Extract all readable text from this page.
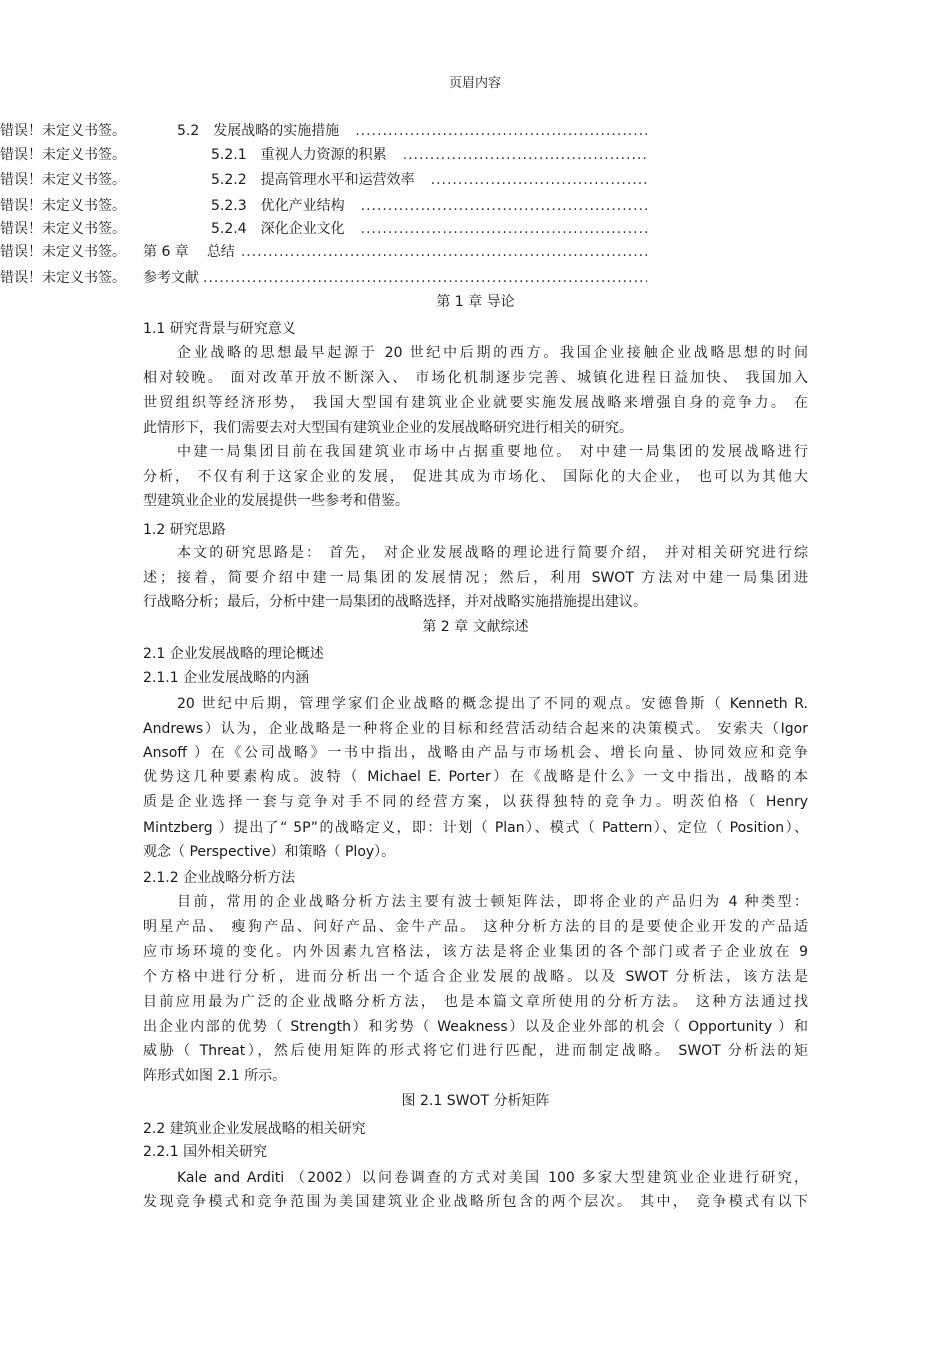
页眉内容
5.2 发展战略的实施措施
.....
5.2.1 重视人力资源的积累
.....
5.2.2 提高管理水平和运营效率
.....
5.2.3 优化产业结构
.....
5.2.4 深化企业文化
.....
第 6 章 总结
.....
参考文献
.....
错误！未定义书签。
错误！未定义书签。
错误！未定义书签。
错误！未定义书签。
错误！未定义书签。
错误！未定义书签。
错误！未定义书签。
第 1 章 导论
1.1 研究背景与研究意义
企业战略的思想最早起源于 20 世纪中后期的西方。我国企业接触企业战略思想的时间
相对较晚。 面对改革开放不断深入、 市场化机制逐步完善、城镇化进程日益加快、 我国加入
世贸组织等经济形势， 我国大型国有建筑业企业就要实施发展战略来增强自身的竞争力。 在
此情形下，我们需要去对大型国有建筑业企业的发展战略研究进行相关的研究。
中建一局集团目前在我国建筑业市场中占据重要地位。 对中建一局集团的发展战略进行
分析， 不仅有利于这家企业的发展， 促进其成为市场化、 国际化的大企业， 也可以为其他大
型建筑业企业的发展提供一些参考和借鉴。
1.2 研究思路
本文的研究思路是： 首先， 对企业发展战略的理论进行简要介绍， 并对相关研究进行综
述；接着，简要介绍中建一局集团的发展情况；然后，利用 SWOT 方法对中建一局集团进
行战略分析；最后，分析中建一局集团的战略选择，并对战略实施措施提出建议。
第 2 章 文献综述
2.1 企业发展战略的理论概述
2.1.1 企业发展战略的内涵
20 世纪中后期，管理学家们企业战略的概念提出了不同的观点。安德鲁斯（ Kenneth R.
Andrews）认为，企业战略是一种将企业的目标和经营活动结合起来的决策模式。 安索夫（Igor
Ansoff ）在《公司战略》一书中指出，战略由产品与市场机会、增长向量、协同效应和竞争
优势这几种要素构成。波特（ Michael E. Porter）在《战略是什么》一文中指出，战略的本
质是企业选择一套与竞争对手不同的经营方案，以获得独特的竞争力。明茨伯格（ Henry
Mintzberg ）提出了“ 5P”的战略定义，即：计划（ Plan）、模式（ Pattern）、定位（ Position）、
观念（ Perspective）和策略（ Ploy）。
2.1.2 企业战略分析方法
目前，常用的企业战略分析方法主要有波士顿矩阵法，即将企业的产品归为 4 种类型：
明星产品、 瘦狗产品、问好产品、金牛产品。 这种分析方法的目的是要使企业开发的产品适
应市场环境的变化。内外因素九宫格法，该方法是将企业集团的各个部门或者子企业放在 9
个方格中进行分析，进而分析出一个适合企业发展的战略。以及 SWOT 分析法，该方法是
目前应用最为广泛的企业战略分析方法， 也是本篇文章所使用的分析方法。 这种方法通过找
出企业内部的优势（ Strength）和劣势（ Weakness）以及企业外部的机会（ Opportunity ）和
威胁（ Threat），然后使用矩阵的形式将它们进行匹配，进而制定战略。 SWOT 分析法的矩
阵形式如图 2.1 所示。
图 2.1 SWOT 分析矩阵
2.2 建筑业企业发展战略的相关研究
2.2.1 国外相关研究
Kale and Arditi （2002）以问卷调查的方式对美国 100 多家大型建筑业企业进行研究，
发现竞争模式和竞争范围为美国建筑业企业战略所包含的两个层次。 其中， 竞争模式有以下
